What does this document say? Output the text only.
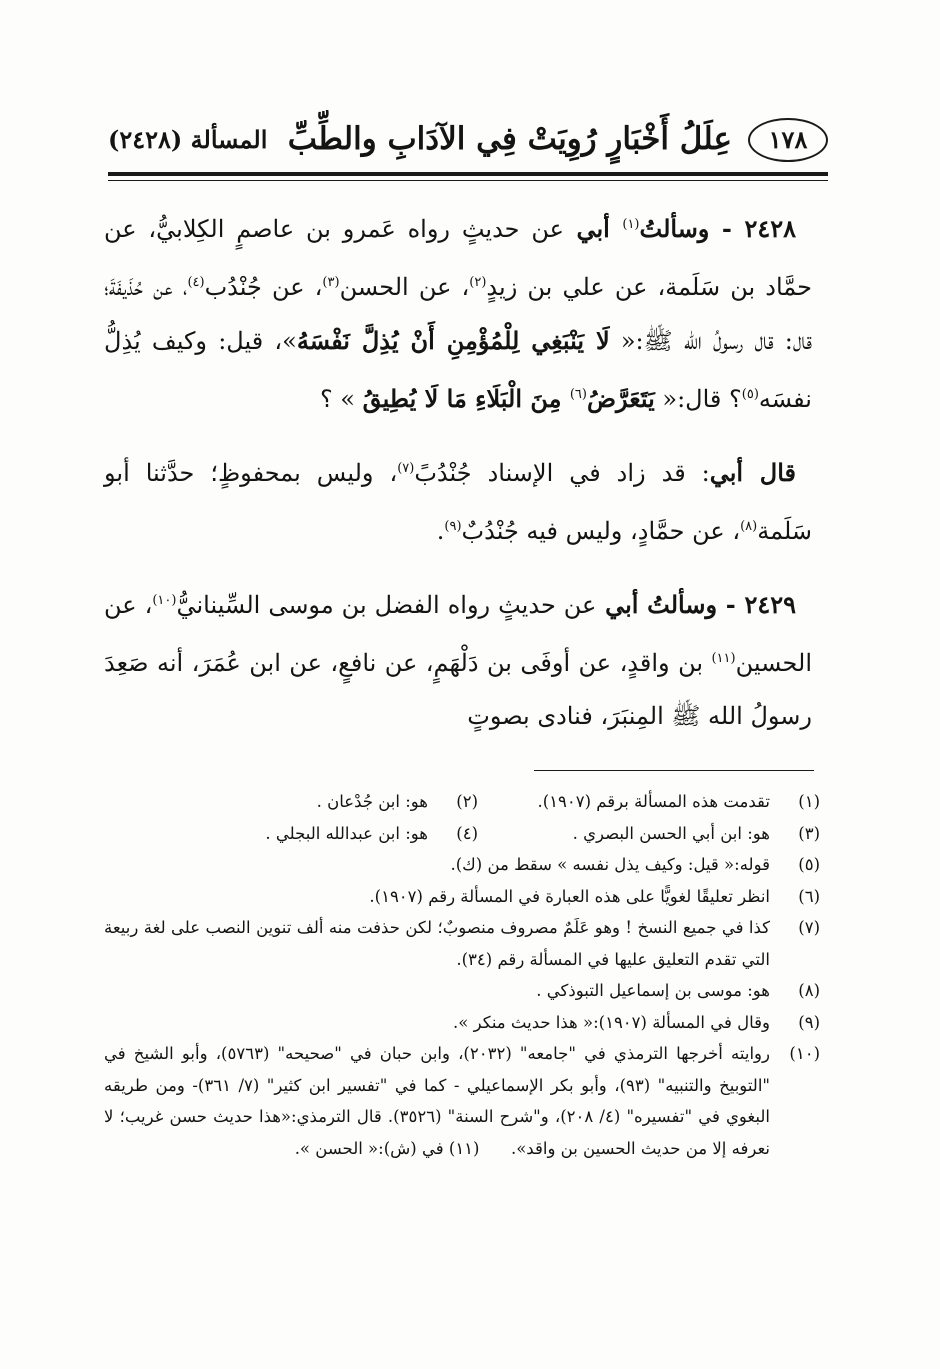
١٧٨
عِلَلُ أَخْبَارٍ رُوِيَتْ فِي الآدَابِ والطِّبِّ
المسألة (٢٤٢٨)

٢٤٢٨ - وسألتُ$^{(١)}$ أبي عن حديثٍ رواه عَمرو بن عاصمٍ الكِلابيُّ، عن حمَّاد بن سَلَمة، عن علي بن زيدٍ$^{(٢)}$، عن الحسن$^{(٣)}$، عن جُنْدُب$^{(٤)}$، عن حُذَيفَةَ؛ قال: قال رسولُ الله ﷺ:« لَا يَنْبَغِي لِلْمُؤْمِنِ أَنْ يُذِلَّ نَفْسَهُ»، قيل: وكيف يُذِلُّ نفسَه$^{(٥)}$؟ قال:« يَتَعَرَّضُ$^{(٦)}$ مِنَ الْبَلَاءِ مَا لَا يُطِيقُ » ؟

قال أبي: قد زاد في الإسناد جُنْدُبً$^{(٧)}$، وليس بمحفوظٍ؛ حدَّثنا أبو سَلَمة$^{(٨)}$، عن حمَّادٍ، وليس فيه جُنْدُبٌ$^{(٩)}$.

٢٤٢٩ - وسألتُ أبي عن حديثٍ رواه الفضل بن موسى السِّينانيُّ$^{(١٠)}$، عن الحسين$^{(١١)}$ بن واقدٍ، عن أوفَى بن دَلْهَمٍ، عن نافعٍ، عن ابن عُمَرَ، أنه صَعِدَ رسولُ الله ﷺ المِنبَرَ، فنادى بصوتٍ

(١)
تقدمت هذه المسألة برقم (١٩٠٧).
(٢)
هو: ابن جُدْعان .
(٣)
هو: ابن أبي الحسن البصري .
(٤)
هو: ابن عبدالله البجلي .
(٥)
قوله:« قيل: وكيف يذل نفسه » سقط من (ك).
(٦)
انظر تعليقًا لغويًّا على هذه العبارة في المسألة رقم (١٩٠٧).
(٧)
كذا في جميع النسخ ! وهو عَلَمٌ مصروف منصوبٌ؛ لكن حذفت منه ألف تنوين النصب على لغة ربيعة التي تقدم التعليق عليها في المسألة رقم (٣٤).
(٨)
هو: موسى بن إسماعيل التبوذكي .
(٩)
وقال في المسألة (١٩٠٧):« هذا حديث منكر ».
(١٠)
روايته أخرجها الترمذي في "جامعه" (٢٠٣٢)، وابن حبان في "صحيحه" (٥٧٦٣)، وأبو الشيخ في "التوبيخ والتنبيه" (٩٣)، وأبو بكر الإسماعيلي - كما في "تفسير ابن كثير" (٧/ ٣٦١)- ومن طريقه البغوي في "تفسيره" (٤/ ٢٠٨)، و"شرح السنة" (٣٥٢٦). قال الترمذي:«هذا حديث حسن غريب؛ لا نعرفه إلا من حديث الحسين بن واقد».      (١١) في (ش):« الحسن ».
